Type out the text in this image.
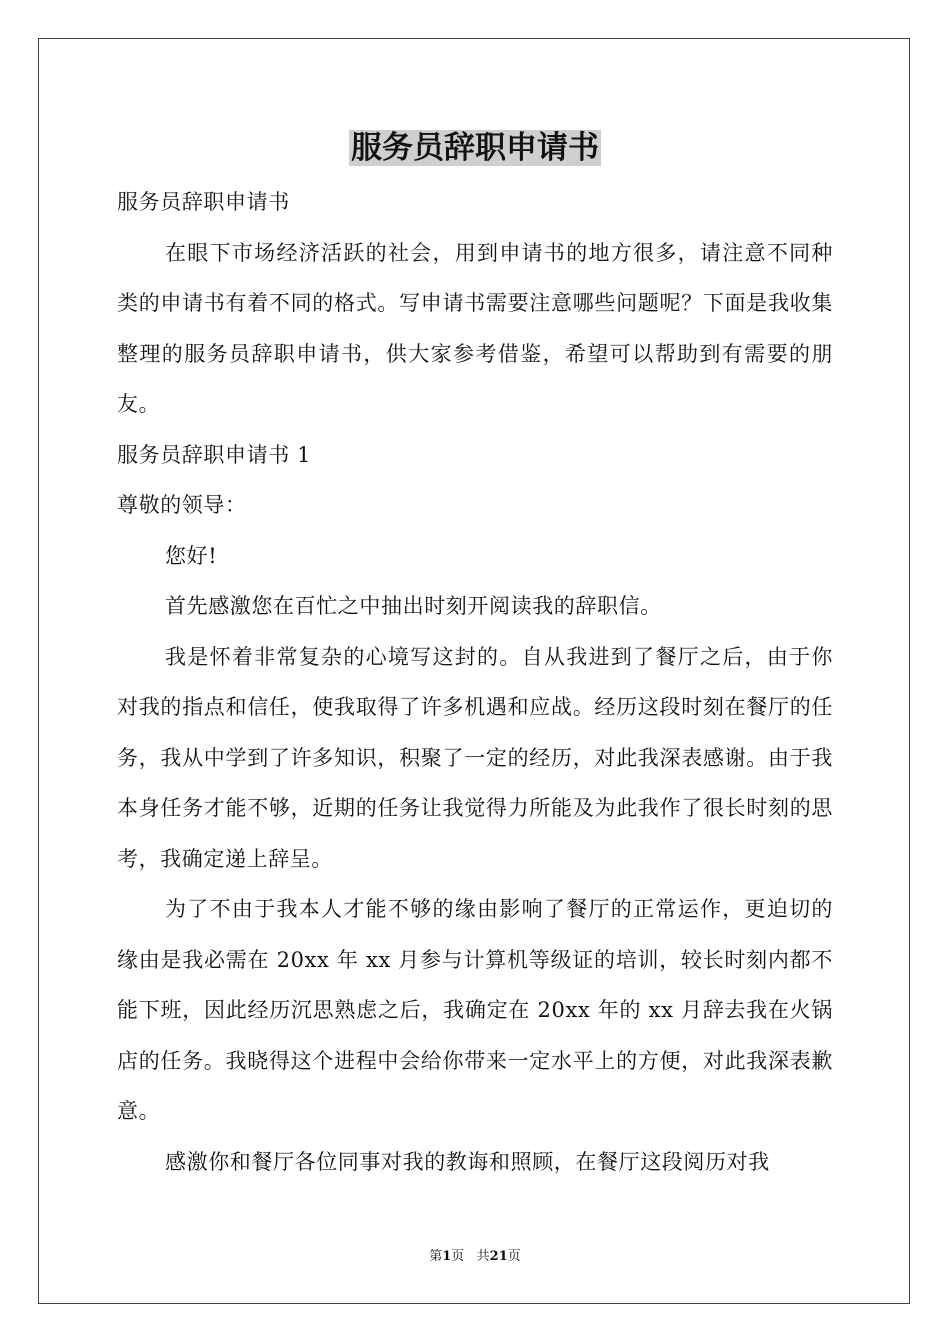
服务员辞职申请书

服务员辞职申请书

在眼下市场经济活跃的社会，用到申请书的地方很多，请注意不同种类的申请书有着不同的格式。写申请书需要注意哪些问题呢？下面是我收集整理的服务员辞职申请书，供大家参考借鉴，希望可以帮助到有需要的朋友。

服务员辞职申请书 1

尊敬的领导：

您好!

首先感激您在百忙之中抽出时刻开阅读我的辞职信。

我是怀着非常复杂的心境写这封的。自从我进到了餐厅之后，由于你对我的指点和信任，使我取得了许多机遇和应战。经历这段时刻在餐厅的任务，我从中学到了许多知识，积聚了一定的经历，对此我深表感谢。由于我本身任务才能不够，近期的任务让我觉得力所能及为此我作了很长时刻的思考，我确定递上辞呈。

为了不由于我本人才能不够的缘由影响了餐厅的正常运作，更迫切的缘由是我必需在 20xx 年 xx 月参与计算机等级证的培训，较长时刻内都不能下班，因此经历沉思熟虑之后，我确定在 20xx 年的 xx 月辞去我在火锅店的任务。我晓得这个进程中会给你带来一定水平上的方便，对此我深表歉意。

感激你和餐厅各位同事对我的教诲和照顾，在餐厅这段阅历对我

第1页   共21页
